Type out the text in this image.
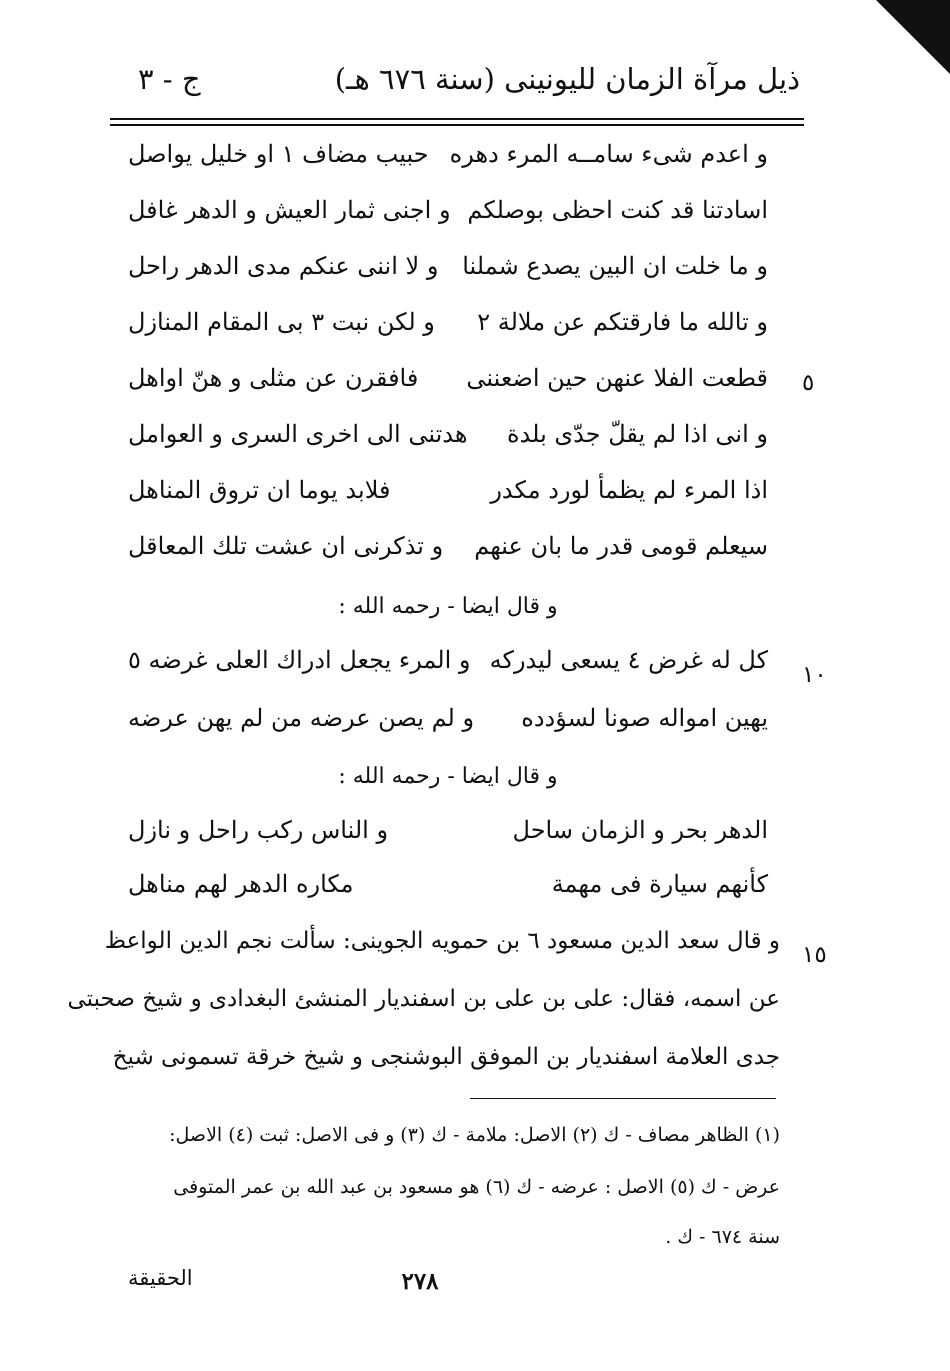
ذيل مرآة الزمان لليونينى (سنة ٦٧٦ هـ)
ج - ٣
و اعدم شىء سامــه المرء دهره
حبيب مضاف ١ او خليل يواصل
اسادتنا قد كنت احظى بوصلكم
و اجنى ثمار العيش و الدهر غافل
و ما خلت ان البين يصدع شملنا
و لا اننى عنكم مدى الدهر راحل
و تالله ما فارقتكم عن ملالة ٢
و لكن نبت ٣ بى المقام المنازل
قطعت الفلا عنهن حين اضعننى
فافقرن عن مثلى و هنّ اواهل	٥
و انى اذا لم يقلّ جدّى بلدة
هدتنى الى اخرى السرى و العوامل
اذا المرء لم يظمأ لورد مكدر
فلابد يوما ان تروق المناهل
سيعلم قومى قدر ما بان عنهم
و تذكرنى ان عشت تلك المعاقل
و قال ايضا - رحمه الله :
كل له غرض ٤ يسعى ليدركه
و المرء يجعل ادراك العلى غرضه ٥
١٠
يهين امواله صونا لسؤدده
و لم يصن عرضه من لم يهن عرضه
و قال ايضا - رحمه الله :
الدهر بحر و الزمان ساحل
و الناس ركب راحل و نازل
كأنهم سيارة فى مهمة
مكاره الدهر لهم مناهل
و قال سعد الدين مسعود ٦ بن حمويه الجوينى: سألت نجم الدين الواعظ
١٥
عن اسمه، فقال: على بن على بن اسفنديار المنشئ البغدادى و شيخ صحبتى
جدى العلامة اسفنديار بن الموفق البوشنجى و شيخ خرقة تسمونى شيخ
(١) الظاهر مصاف - ك (٢) الاصل: ملامة - ك (٣) و فى الاصل: ثبت (٤) الاصل:
عرض - ك (٥) الاصل : عرضه - ك (٦) هو مسعود بن عبد الله بن عمر المتوفى
سنة ٦٧٤ - ك .
٢٧٨
الحقيقة
